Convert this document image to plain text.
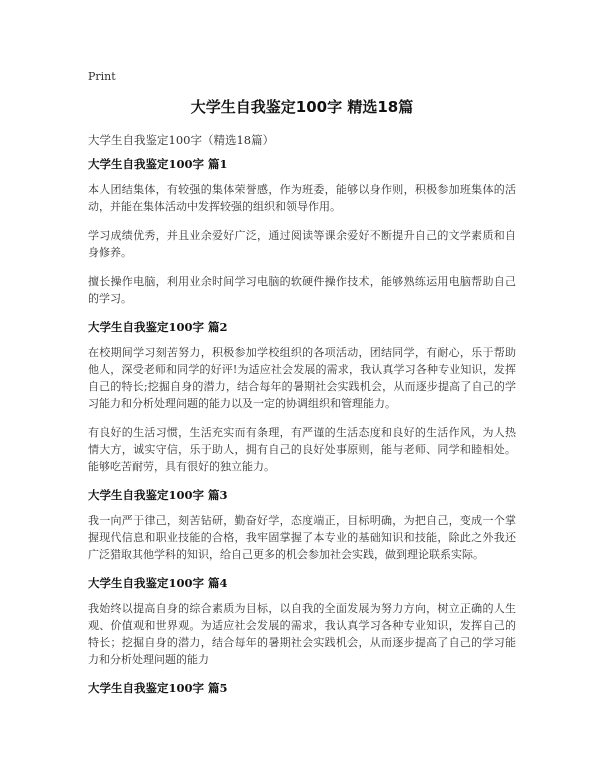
Print
大学生自我鉴定100字 精选18篇
大学生自我鉴定100字（精选18篇）
大学生自我鉴定100字 篇1

本人团结集体，有较强的集体荣誉感，作为班委，能够以身作则，积极参加班集体的活动，并能在集体活动中发挥较强的组织和领导作用。

学习成绩优秀，并且业余爱好广泛，通过阅读等课余爱好不断提升自己的文学素质和自身修养。

擅长操作电脑，利用业余时间学习电脑的软硬件操作技术，能够熟练运用电脑帮助自己的学习。

大学生自我鉴定100字 篇2

在校期间学习刻苦努力，积极参加学校组织的各项活动，团结同学，有耐心，乐于帮助他人，深受老师和同学的好评!为适应社会发展的需求，我认真学习各种专业知识，发挥自己的特长;挖掘自身的潜力，结合每年的暑期社会实践机会，从而逐步提高了自己的学习能力和分析处理问题的能力以及一定的协调组织和管理能力。

有良好的生活习惯，生活充实而有条理，有严谨的生活态度和良好的生活作风，为人热情大方，诚实守信，乐于助人，拥有自己的良好处事原则，能与老师、同学和睦相处。能够吃苦耐劳，具有很好的独立能力。

大学生自我鉴定100字 篇3

我一向严于律己，刻苦钻研，勤奋好学，态度端正，目标明确，为把自己，变成一个掌握现代信息和职业技能的合格，我牢固掌握了本专业的基础知识和技能，除此之外我还广泛猎取其他学科的知识，给自己更多的机会参加社会实践，做到理论联系实际。

大学生自我鉴定100字 篇4

我始终以提高自身的综合素质为目标，以自我的全面发展为努力方向，树立正确的人生观、价值观和世界观。为适应社会发展的需求，我认真学习各种专业知识，发挥自己的特长；挖掘自身的潜力，结合每年的暑期社会实践机会，从而逐步提高了自己的学习能力和分析处理问题的能力

大学生自我鉴定100字 篇5
